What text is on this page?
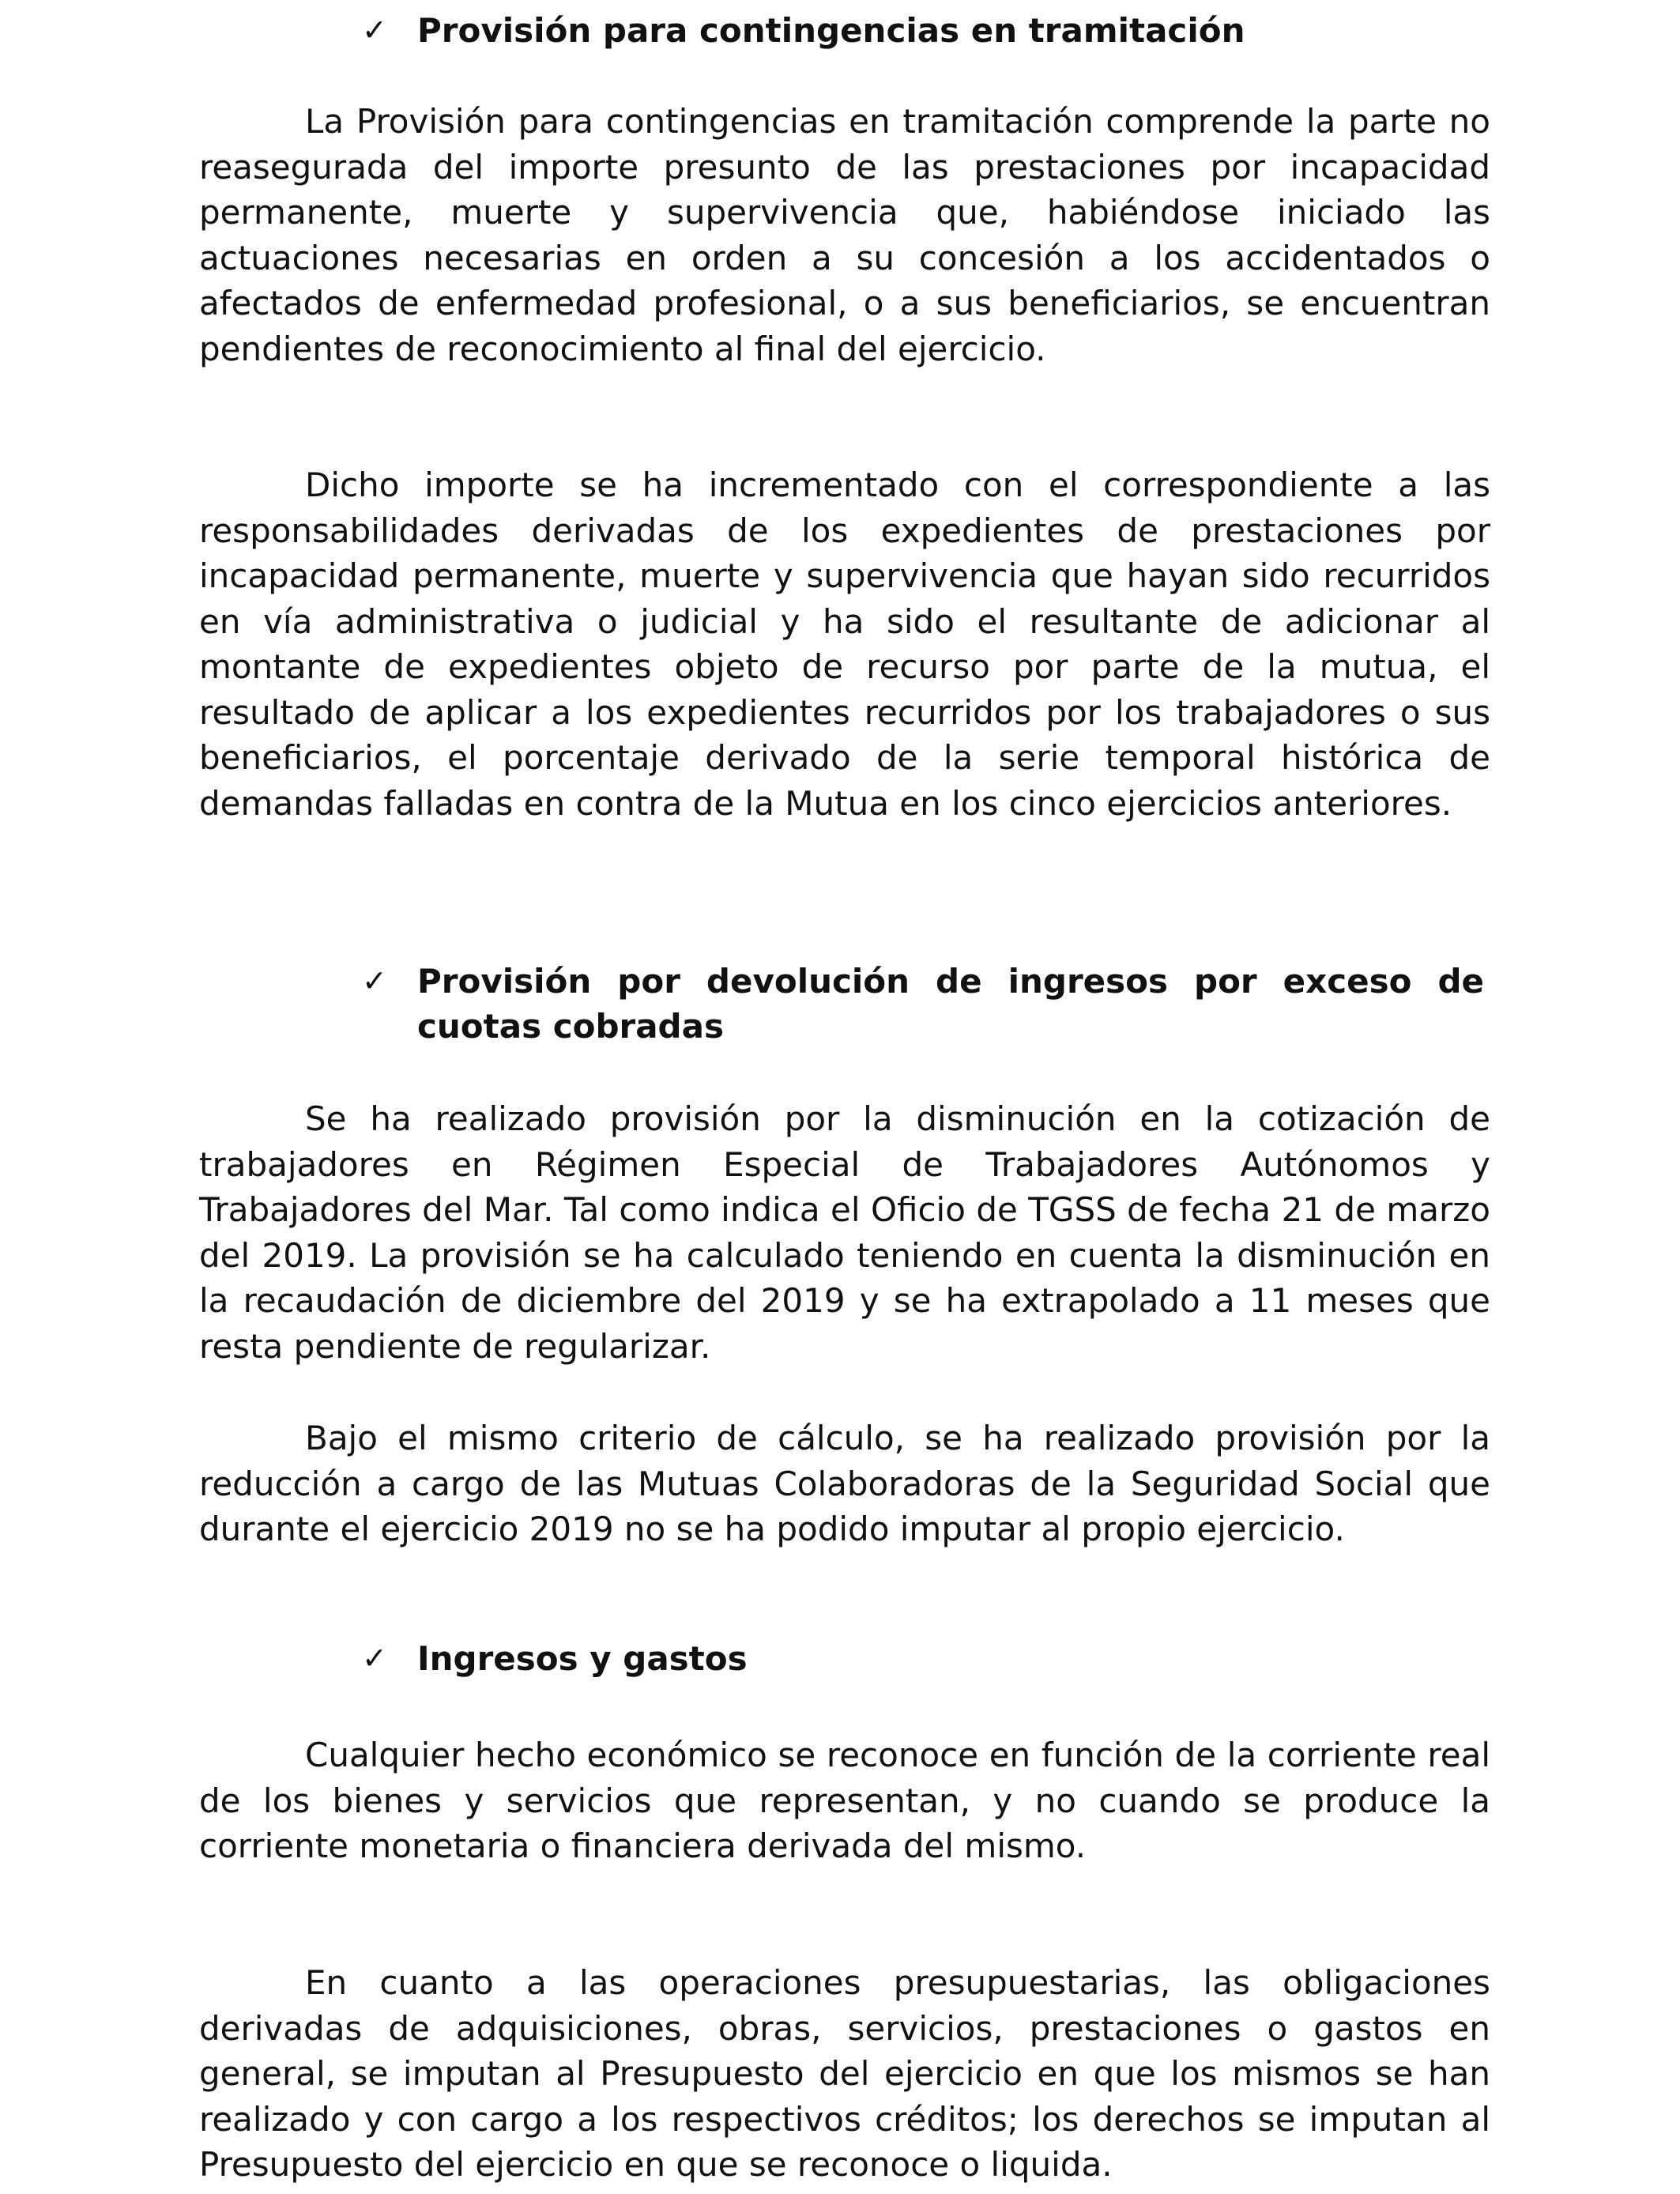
✓ Provisión para contingencias en tramitación

La Provisión para contingencias en tramitación comprende la parte no reasegurada del importe presunto de las prestaciones por incapacidad permanente, muerte y supervivencia que, habiéndose iniciado las actuaciones necesarias en orden a su concesión a los accidentados o afectados de enfermedad profesional, o a sus beneficiarios, se encuentran pendientes de reconocimiento al final del ejercicio.

Dicho importe se ha incrementado con el correspondiente a las responsabilidades derivadas de los expedientes de prestaciones por incapacidad permanente, muerte y supervivencia que hayan sido recurridos en vía administrativa o judicial y ha sido el resultante de adicionar al montante de expedientes objeto de recurso por parte de la mutua, el resultado de aplicar a los expedientes recurridos por los trabajadores o sus beneficiarios, el porcentaje derivado de la serie temporal histórica de demandas falladas en contra de la Mutua en los cinco ejercicios anteriores.

✓ Provisión por devolución de ingresos por exceso de cuotas cobradas

Se ha realizado provisión por la disminución en la cotización de trabajadores en Régimen Especial de Trabajadores Autónomos y Trabajadores del Mar. Tal como indica el Oficio de TGSS de fecha 21 de marzo del 2019. La provisión se ha calculado teniendo en cuenta la disminución en la recaudación de diciembre del 2019 y se ha extrapolado a 11 meses que resta pendiente de regularizar.

Bajo el mismo criterio de cálculo, se ha realizado provisión por la reducción a cargo de las Mutuas Colaboradoras de la Seguridad Social que durante el ejercicio 2019 no se ha podido imputar al propio ejercicio.

✓ Ingresos y gastos

Cualquier hecho económico se reconoce en función de la corriente real de los bienes y servicios que representan, y no cuando se produce la corriente monetaria o financiera derivada del mismo.

En cuanto a las operaciones presupuestarias, las obligaciones derivadas de adquisiciones, obras, servicios, prestaciones o gastos en general, se imputan al Presupuesto del ejercicio en que los mismos se han realizado y con cargo a los respectivos créditos; los derechos se imputan al Presupuesto del ejercicio en que se reconoce o liquida.
